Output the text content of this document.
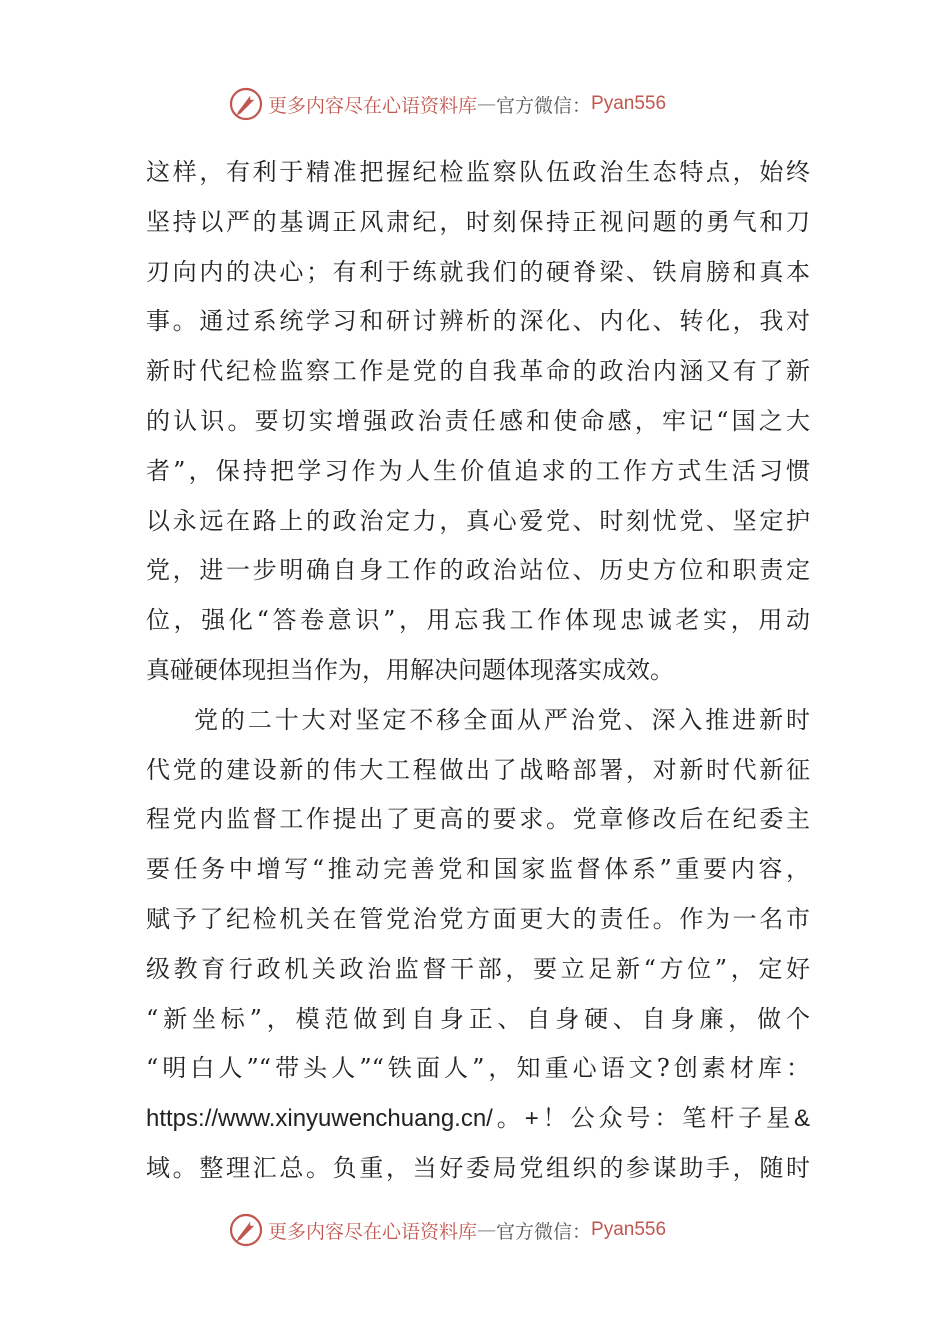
更多内容尽在心语资料库 — 官方微信： Pyan556
这样，有利于精准把握纪检监察队伍政治生态特点，始终
坚持以严的基调正风肃纪，时刻保持正视问题的勇气和刀
刃向内的决心；有利于练就我们的硬脊梁、铁肩膀和真本
事。通过系统学习和研讨辨析的深化、内化、转化，我对
新时代纪检监察工作是党的自我革命的政治内涵又有了新
的认识。要切实增强政治责任感和使命感，牢记“国之大
者”，保持把学习作为人生价值追求的工作方式生活习惯
以永远在路上的政治定力，真心爱党、时刻忧党、坚定护
党，进一步明确自身工作的政治站位、历史方位和职责定
位，强化“答卷意识”，用忘我工作体现忠诚老实，用动
真碰硬体现担当作为，用解决问题体现落实成效。
党的二十大对坚定不移全面从严治党、深入推进新时
代党的建设新的伟大工程做出了战略部署，对新时代新征
程党内监督工作提出了更高的要求。党章修改后在纪委主
要任务中增写“推动完善党和国家监督体系”重要内容，
赋予了纪检机关在管党治党方面更大的责任。作为一名市
级教育行政机关政治监督干部，要立足新“方位”，定好
“新坐标”，模范做到自身正、自身硬、自身廉，做个
“明白人”“带头人”“铁面人”，知重心语文?创素材库：
https://www.xinyuwenchuang.cn/。+！公众号：笔杆子星&
域。整理汇总。负重，当好委局党组织的参谋助手，随时
更多内容尽在心语资料库 — 官方微信： Pyan556
